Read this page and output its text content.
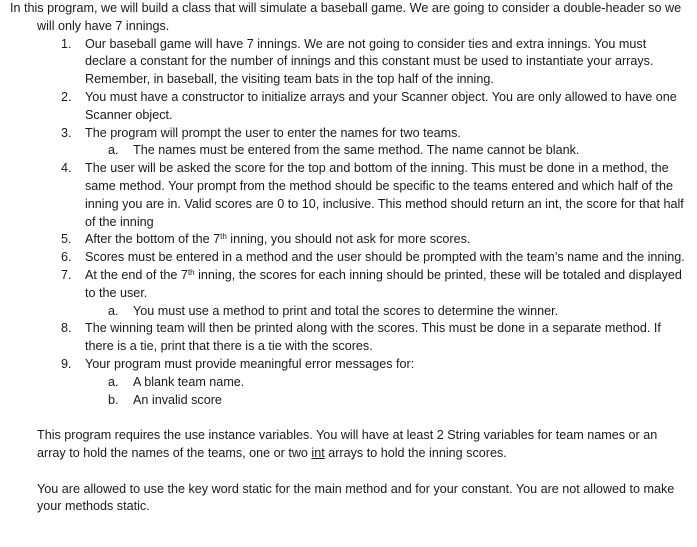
In this program, we will build a class that will simulate a baseball game. We are going to consider a double-header so we will only have 7 innings.

1. Our baseball game will have 7 innings. We are not going to consider ties and extra innings. You must declare a constant for the number of innings and this constant must be used to instantiate your arrays. Remember, in baseball, the visiting team bats in the top half of the inning.
2. You must have a constructor to initialize arrays and your Scanner object. You are only allowed to have one Scanner object.
3. The program will prompt the user to enter the names for two teams.
a. The names must be entered from the same method. The name cannot be blank.
4. The user will be asked the score for the top and bottom of the inning. This must be done in a method, the same method. Your prompt from the method should be specific to the teams entered and which half of the inning you are in. Valid scores are 0 to 10, inclusive. This method should return an int, the score for that half of the inning
5. After the bottom of the 7th inning, you should not ask for more scores.
6. Scores must be entered in a method and the user should be prompted with the team’s name and the inning.
7. At the end of the 7th inning, the scores for each inning should be printed, these will be totaled and displayed to the user.
a. You must use a method to print and total the scores to determine the winner.
8. The winning team will then be printed along with the scores. This must be done in a separate method. If there is a tie, print that there is a tie with the scores.
9. Your program must provide meaningful error messages for:
a. A blank team name.
b. An invalid score

This program requires the use instance variables. You will have at least 2 String variables for team names or an array to hold the names of the teams, one or two int arrays to hold the inning scores.

You are allowed to use the key word static for the main method and for your constant. You are not allowed to make your methods static.
